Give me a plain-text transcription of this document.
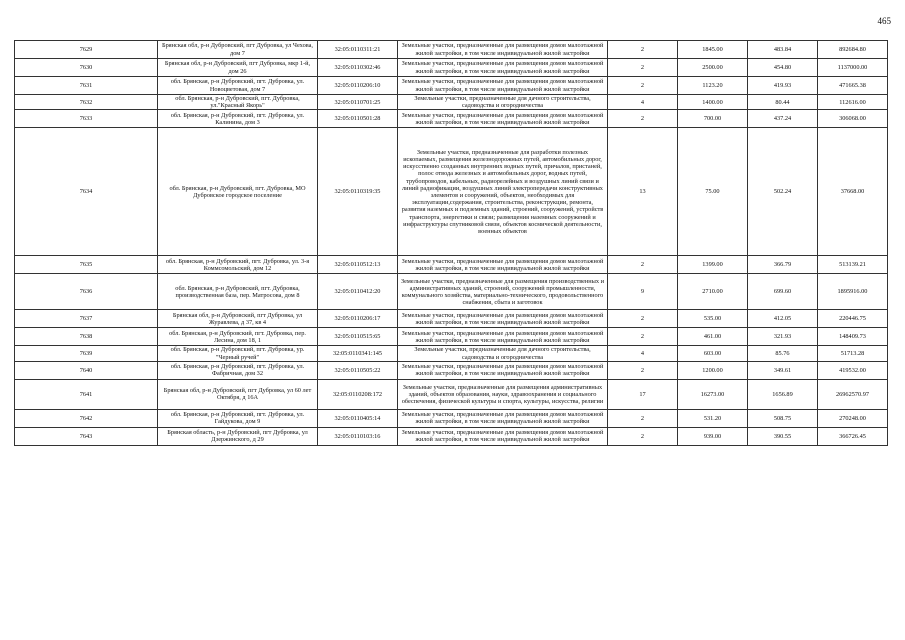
465
7629	Брянская обл, р-н Дубровский, пгт Дубровка, ул Чехова, дом 7	32:05:0110311:21	Земельные участки, предназначенные для размещения домов малоэтажной жилой застройки, в том числе индивидуальной жилой застройки	2	1845.00	483.84	892684.80
7630	Брянская обл, р-н Дубровский, пгт Дубровка, мкр 1-й, дом 26	32:05:0110302:46	Земельные участки, предназначенные для размещения домов малоэтажной жилой застройки, в том числе индивидуальной жилой застройки	2	2500.00	454.80	1137000.00
7631	обл. Брянская, р-н Дубровский, пгт. Дубровка, ул. Новоцветовая, дом 7	32:05:0110206:10	Земельные участки, предназначенные для размещения домов малоэтажной жилой застройки, в том числе индивидуальной жилой застройки	2	1123.20	419.93	471665.38
7632	обл. Брянская, р-н Дубровский, пгт. Дубровка, ул."Красный Якорь"	32:05:0110701:25	Земельные участки, предназначенные для дачного строительства, садоводства и огородничества	4	1400.00	80.44	112616.00
7633	обл. Брянская, р-н Дубровский, пгт. Дубровка, ул. Калинина, дом 3	32:05:0110501:28	Земельные участки, предназначенные для размещения домов малоэтажной жилой застройки, в том числе индивидуальной жилой застройки	2	700.00	437.24	306068.00
7634	обл. Брянская, р-н Дубровский, пгт. Дубровка, МО Дубровское городское поселение	32:05:0110319:35	Земельные участки, предназначенные для разработки полезных ископаемых, размещения железнодорожных путей, автомобильных дорог, искусственно созданных внутренних водных путей, причалов, пристаней, полос отвода железных и автомобильных дорог, водных путей, трубопроводов, кабельных, радиорелейных и воздушных линий связи и линий радиофикации, воздушных линий электропередачи конструктивных элементов и сооружений, объектов, необходимых для эксплуатации,содержания, строительства, реконструкции, ремонта, развития наземных и подземных зданий, строений, сооружений, устройств транспорта, энергетики и связи; размещения наземных сооружений и инфраструктуры спутниковой связи, объектов космической деятельности, военных объектов	13	75.00	502.24	37668.00
7635	обл. Брянская, р-н Дубровский, пгт. Дубровка, ул. 3-я Коммсомольский, дом 12	32:05:0110512:13	Земельные участки, предназначенные для размещения домов малоэтажной жилой застройки, в том числе индивидуальной жилой застройки	2	1399.00	366.79	513139.21
7636	обл. Брянская, р-н Дубровский, пгт. Дубровка, производственная база, пер. Матросова, дом 8	32:05:0110412:20	Земельные участки, предназначенные для размещения производственных и административных зданий, строений, сооружений промышленности, коммунального хозяйства, материально-технического, продовольственного снабжения, сбыта и заготовок	9	2710.00	699.60	1895916.00
7637	Брянская обл, р-н Дубровский, пгт Дубровка, ул Журавлева, д 37, кв 4	32:05:0110206:17	Земельные участки, предназначенные для размещения домов малоэтажной жилой застройки, в том числе индивидуальной жилой застройки	2	535.00	412.05	220446.75
7638	обл. Брянская, р-н Дубровский, пгт. Дубровка, пер. Лесина, дом 18, 1	32:05:0110515:65	Земельные участки, предназначенные для размещения домов малоэтажной жилой застройки, в том числе индивидуальной жилой застройки	2	461.00	321.93	148409.73
7639	обл. Брянская, р-н Дубровский, пгт. Дубровка, ур. "Черный ручей"	32:05:0110341:145	Земельные участки, предназначенные для дачного строительства, садоводства и огородничества	4	603.00	85.76	51713.28
7640	обл. Брянская, р-н Дубровский, пгт. Дубровка, ул. Фабричная, дом 32	32:05:0110505:22	Земельные участки, предназначенные для размещения домов малоэтажной жилой застройки, в том числе индивидуальной жилой застройки	2	1200.00	349.61	419532.00
7641	Брянская обл, р-н Дубровский, пгт Дубровка, ул 60 лет Октября, д 16А	32:05:0110208:172	Земельные участки, предназначенные для размещения административных зданий, объектов образования, науки, здравоохранения и социального обеспечения, физической культуры и спорта, культуры, искусства, религии	17	16273.00	1656.89	26962570.97
7642	обл. Брянская, р-н Дубровский, пгт. Дубровка, ул. Гайдукова, дом 9	32:05:0110405:14	Земельные участки, предназначенные для размещения домов малоэтажной жилой застройки, в том числе индивидуальной жилой застройки	2	531.20	508.75	270248.00
7643	Брянская область, р-н Дубровский, пгт Дубровка, ул Дзержинского, д 29	32:05:0110103:16	Земельные участки, предназначенные для размещения домов малоэтажной жилой застройки, в том числе индивидуальной жилой застройки	2	939.00	390.55	366726.45
